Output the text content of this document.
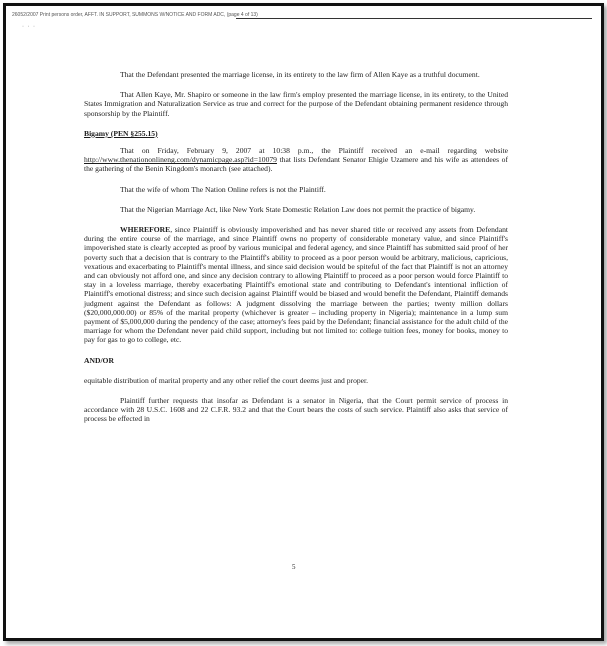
26052/2007 Print persons order, AFFT. IN SUPPORT, SUMMONS W/NOTICE AND FORM ADC, (page 4 of 13)
· · ·

That the Defendant presented the marriage license, in its entirety to the law firm of Allen Kaye as a truthful document.

That Allen Kaye, Mr. Shapiro or someone in the law firm's employ presented the marriage license, in its entirety, to the United States Immigration and Naturalization Service as true and correct for the purpose of the Defendant obtaining permanent residence through sponsorship by the Plaintiff.

Bigamy (PEN §255.15)

That on Friday, February 9, 2007 at 10:38 p.m., the Plaintiff received an e-mail regarding website http://www.thenationonlineng.com/dynamicpage.asp?id=10079 that lists Defendant Senator Ehigie Uzamere and his wife as attendees of the gathering of the Benin Kingdom's monarch (see attached).

That the wife of whom The Nation Online refers is not the Plaintiff.

That the Nigerian Marriage Act, like New York State Domestic Relation Law does not permit the practice of bigamy.

WHEREFORE, since Plaintiff is obviously impoverished and has never shared title or received any assets from Defendant during the entire course of the marriage, and since Plaintiff owns no property of considerable monetary value, and since Plaintiff's impoverished state is clearly accepted as proof by various municipal and federal agency, and since Plaintiff has submitted said proof of her poverty such that a decision that is contrary to the Plaintiff's ability to proceed as a poor person would be arbitrary, malicious, capricious, vexatious and exacerbating to Plaintiff's mental illness, and since said decision would be spiteful of the fact that Plaintiff is not an attorney and can obviously not afford one, and since any decision contrary to allowing Plaintiff to proceed as a poor person would force Plaintiff to stay in a loveless marriage, thereby exacerbating Plaintiff's emotional state and contributing to Defendant's intentional infliction of Plaintiff's emotional distress; and since such decision against Plaintiff would be biased and would benefit the Defendant, Plaintiff demands judgment against the Defendant as follows: A judgment dissolving the marriage between the parties; twenty million dollars ($20,000,000.00) or 85% of the marital property (whichever is greater – including property in Nigeria); maintenance in a lump sum payment of $5,000,000 during the pendency of the case; attorney's fees paid by the Defendant; financial assistance for the adult child of the marriage for whom the Defendant never paid child support, including but not limited to: college tuition fees, money for books, money to pay for gas to go to college, etc.

AND/OR

equitable distribution of marital property and any other relief the court deems just and proper.

Plaintiff further requests that insofar as Defendant is a senator in Nigeria, that the Court permit service of process in accordance with 28 U.S.C. 1608 and 22 C.F.R. 93.2 and that the Court bears the costs of such service. Plaintiff also asks that service of process be effected in

5
